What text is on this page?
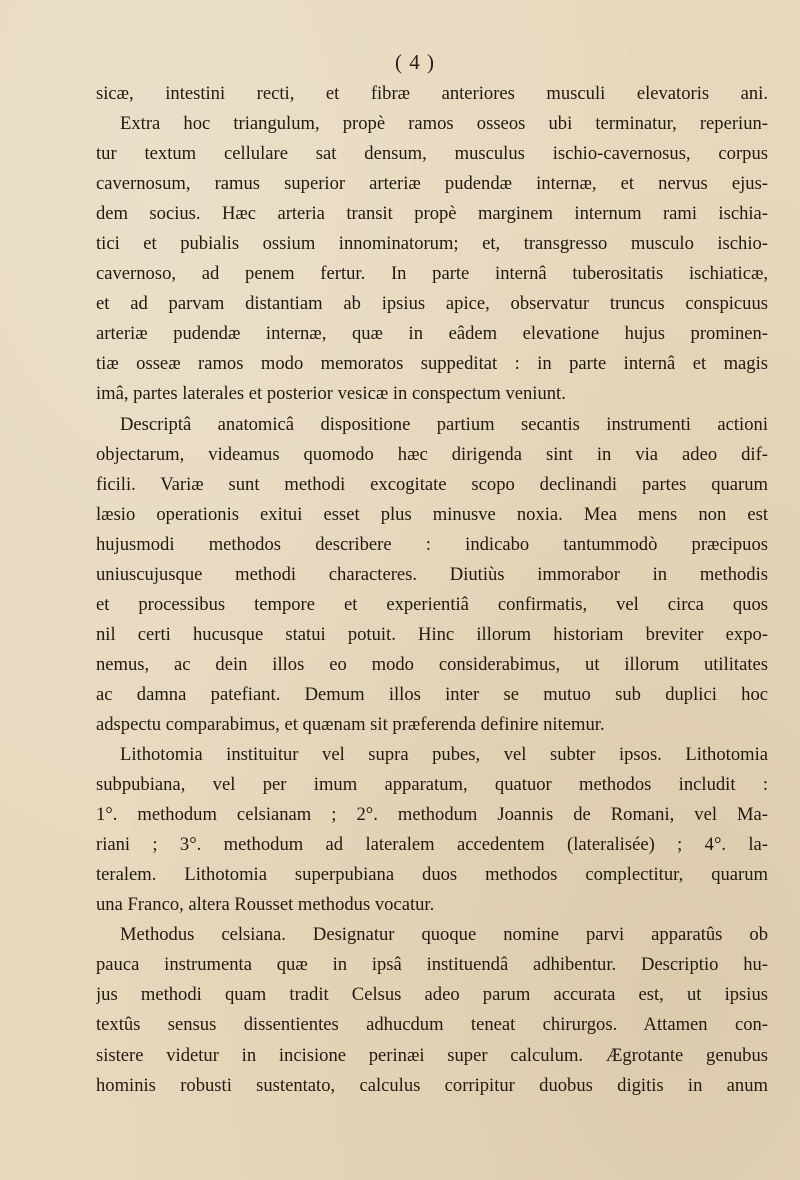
( 4 )
sicæ, intestini recti, et fibræ anteriores musculi elevatoris ani.
Extra hoc triangulum, propè ramos osseos ubi terminatur, reperiun-
tur textum cellulare sat densum, musculus ischio-cavernosus, corpus
cavernosum, ramus superior arteriæ pudendæ internæ, et nervus ejus-
dem socius. Hæc arteria transit propè marginem internum rami ischia-
tici et pubialis ossium innominatorum; et, transgresso musculo ischio-
cavernoso, ad penem fertur. In parte internâ tuberositatis ischiaticæ,
et ad parvam distantiam ab ipsius apice, observatur truncus conspicuus
arteriæ pudendæ internæ, quæ in eâdem elevatione hujus prominen-
tiæ osseæ ramos modo memoratos suppeditat : in parte internâ et magis
imâ, partes laterales et posterior vesicæ in conspectum veniunt.
Descriptâ anatomicâ dispositione partium secantis instrumenti actioni
objectarum, videamus quomodo hæc dirigenda sint in via adeo dif-
ficili. Variæ sunt methodi excogitate scopo declinandi partes quarum
læsio operationis exitui esset plus minusve noxia. Mea mens non est
hujusmodi methodos describere : indicabo tantummodò præcipuos
uniuscujusque methodi characteres. Diutiùs immorabor in methodis
et processibus tempore et experientiâ confirmatis, vel circa quos
nil certi hucusque statui potuit. Hinc illorum historiam breviter expo-
nemus, ac dein illos eo modo considerabimus, ut illorum utilitates
ac damna patefiant. Demum illos inter se mutuo sub duplici hoc
adspectu comparabimus, et quænam sit præferenda definire nitemur.
Lithotomia instituitur vel supra pubes, vel subter ipsos. Lithotomia
subpubiana, vel per imum apparatum, quatuor methodos includit :
1°. methodum celsianam ; 2°. methodum Joannis de Romani, vel Ma-
riani ; 3°. methodum ad lateralem accedentem (lateralisée) ; 4°. la-
teralem. Lithotomia superpubiana duos methodos complectitur, quarum
una Franco, altera Rousset methodus vocatur.
Methodus celsiana. Designatur quoque nomine parvi apparatûs ob
pauca instrumenta quæ in ipsâ instituendâ adhibentur. Descriptio hu-
jus methodi quam tradit Celsus adeo parum accurata est, ut ipsius
textûs sensus dissentientes adhucdum teneat chirurgos. Attamen con-
sistere videtur in incisione perinæi super calculum. Ægrotante genubus
hominis robusti sustentato, calculus corripitur duobus digitis in anum
